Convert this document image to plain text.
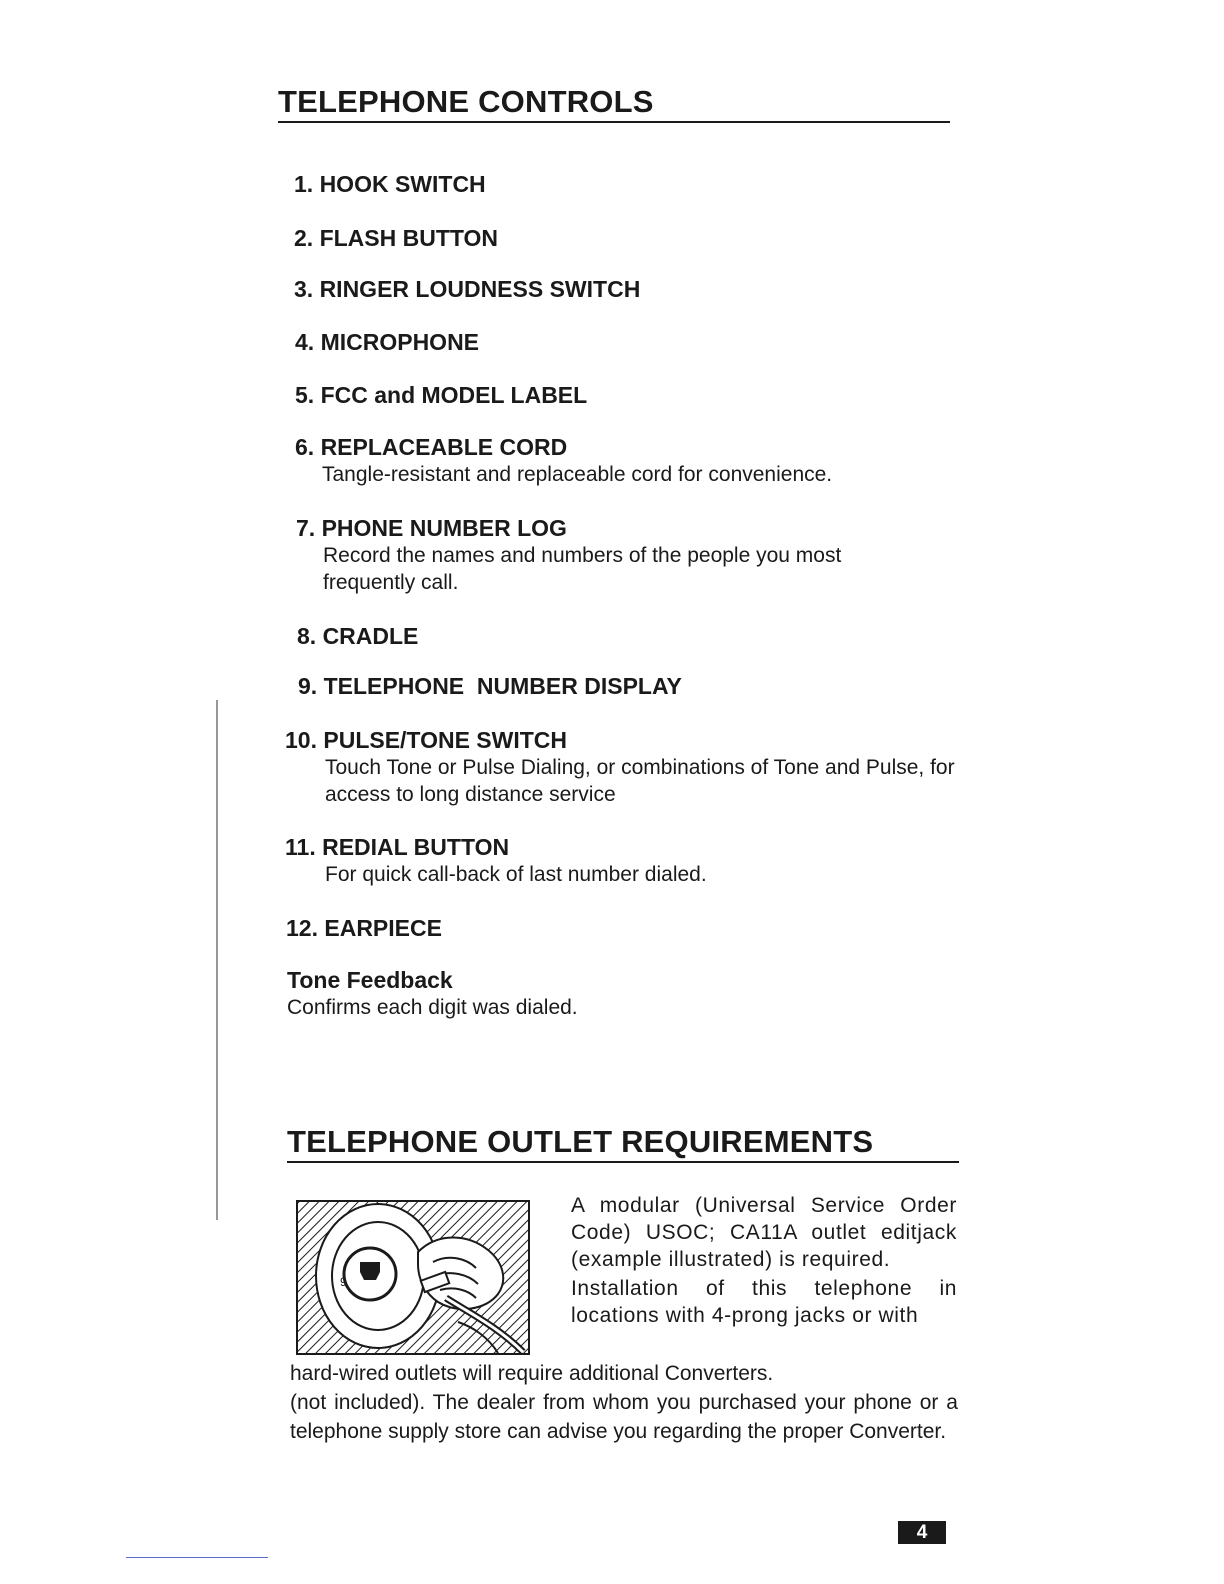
TELEPHONE CONTROLS
1. HOOK SWITCH
2. FLASH BUTTON
3. RINGER LOUDNESS SWITCH
4. MICROPHONE
5. FCC and MODEL LABEL
6. REPLACEABLE CORD
Tangle-resistant and replaceable cord for convenience.
7. PHONE NUMBER LOG
Record the names and numbers of the people you most frequently call.
8. CRADLE
9. TELEPHONE  NUMBER DISPLAY
10. PULSE/TONE SWITCH
Touch Tone or Pulse Dialing, or combinations of Tone and Pulse, for access to long distance service
11. REDIAL BUTTON
For quick call-back of last number dialed.
12. EARPIECE
Tone Feedback
Confirms each digit was dialed.
TELEPHONE OUTLET REQUIREMENTS
9

A modular (Universal Service Order Code) USOC; CA11A outlet editjack (example illustrated) is required.

Installation of this telephone in locations with 4-prong jacks or with

hard-wired outlets will require additional Converters.

(not included). The dealer from whom you purchased your phone or a telephone supply store can advise you regarding the proper Converter.

4
